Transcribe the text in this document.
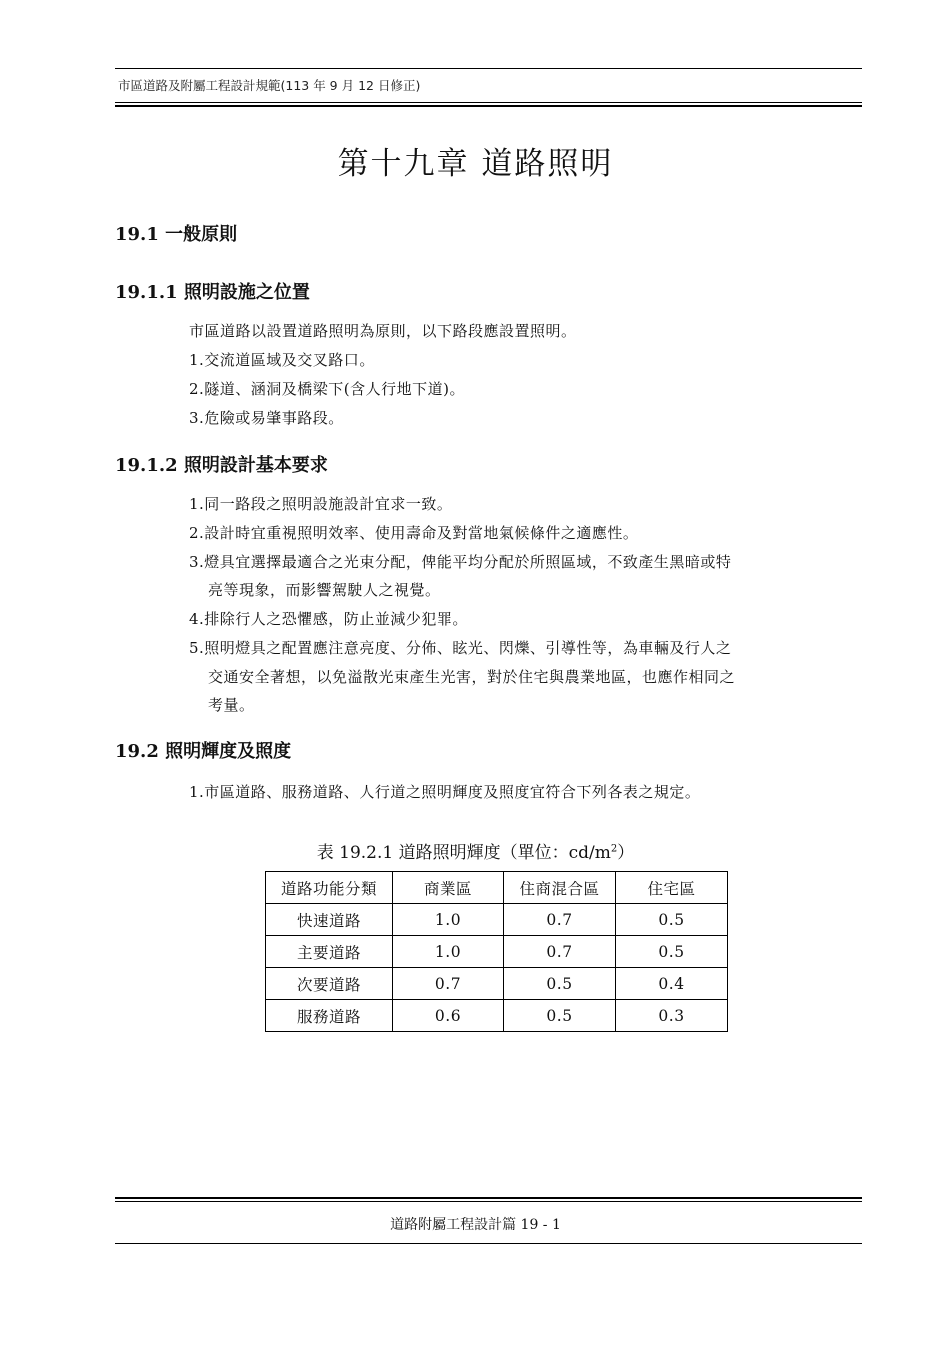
市區道路及附屬工程設計規範(113 年 9 月 12 日修正)
第十九章 道路照明
19.1 一般原則
19.1.1 照明設施之位置
市區道路以設置道路照明為原則，以下路段應設置照明。
1.交流道區域及交叉路口。
2.隧道、涵洞及橋梁下(含人行地下道)。
3.危險或易肇事路段。
19.1.2 照明設計基本要求
1.同一路段之照明設施設計宜求一致。
2.設計時宜重視照明效率、使用壽命及對當地氣候條件之適應性。
3.燈具宜選擇最適合之光束分配，俾能平均分配於所照區域，不致產生黑暗或特
亮等現象，而影響駕駛人之視覺。
4.排除行人之恐懼感，防止並減少犯罪。
5.照明燈具之配置應注意亮度、分佈、眩光、閃爍、引導性等，為車輛及行人之
交通安全著想，以免溢散光束產生光害，對於住宅與農業地區，也應作相同之
考量。
19.2 照明輝度及照度
1.市區道路、服務道路、人行道之照明輝度及照度宜符合下列各表之規定。
表 19.2.1 道路照明輝度（單位：$cd/m^2$）
道路功能分類	商業區	住商混合區	住宅區
快速道路	1.0	0.7	0.5
主要道路	1.0	0.7	0.5
次要道路	0.7	0.5	0.4
服務道路	0.6	0.5	0.3
道路附屬工程設計篇 19 - 1
